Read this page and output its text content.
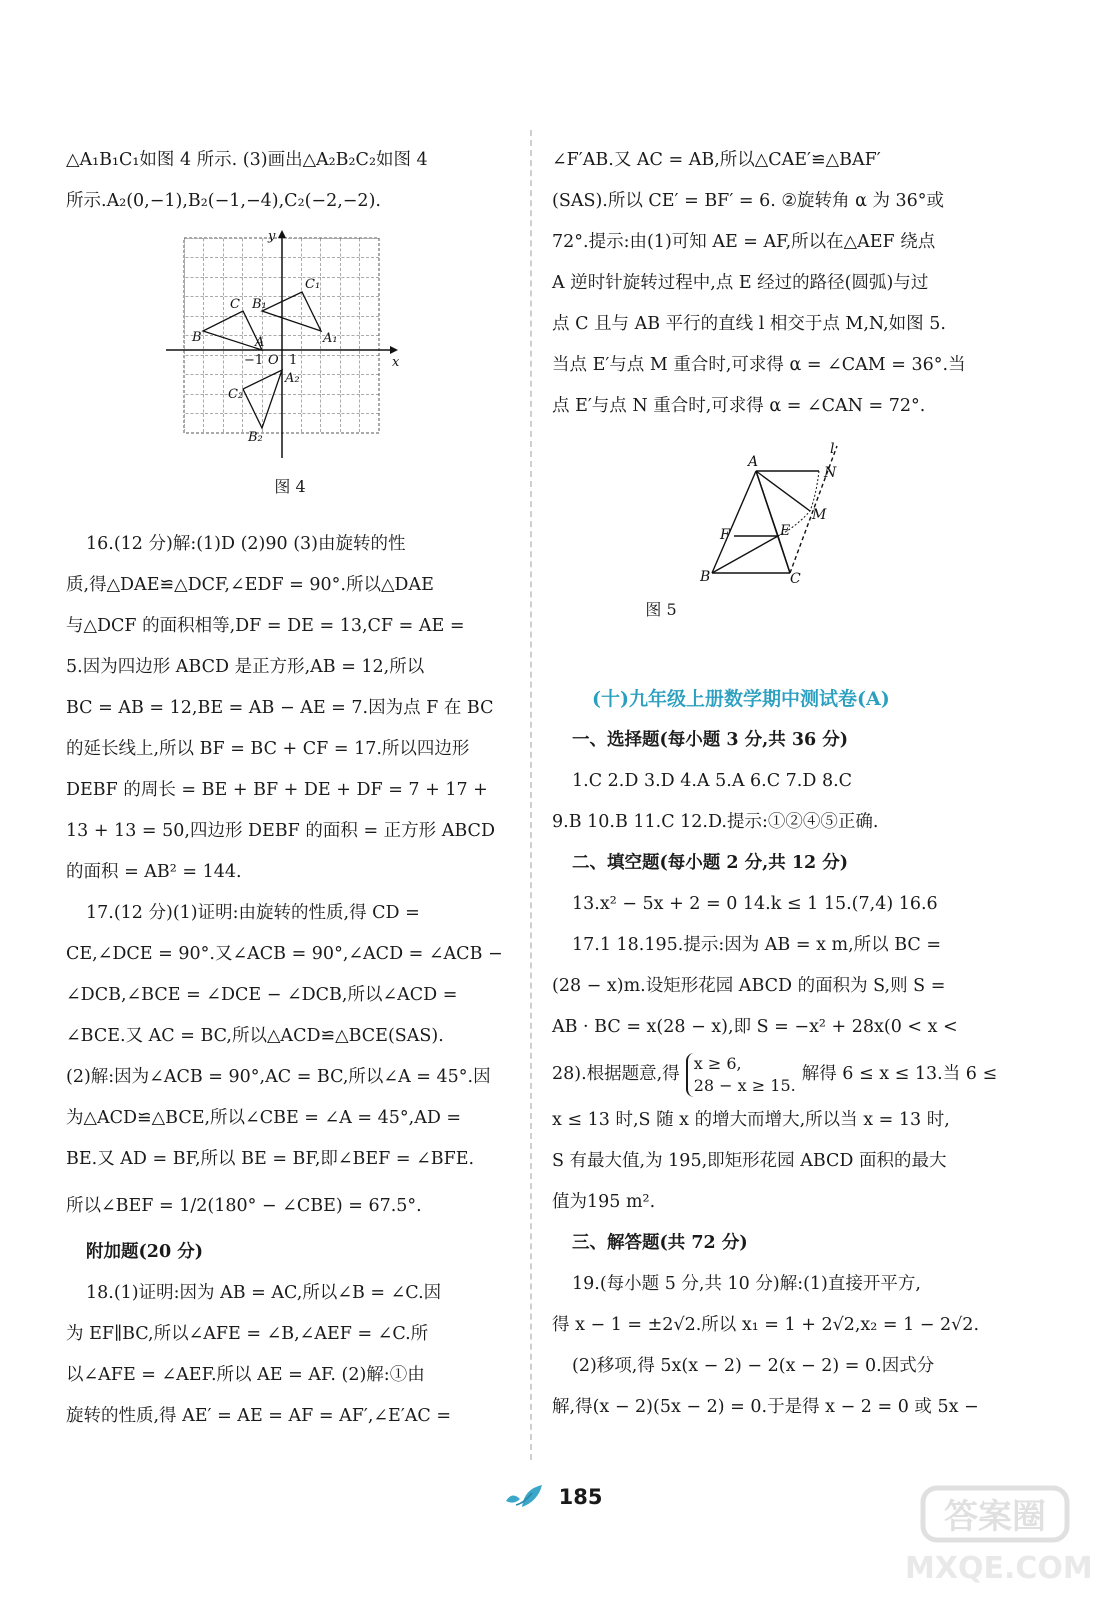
△A₁B₁C₁如图 4 所示. (3)画出△A₂B₂C₂如图 4

所示.A₂(0,−1),B₂(−1,−4),C₂(−2,−2).

x
y
O
−1 1
A
B
C
A₁
B₁
C₁
A₂
B₂
C₂
图 4

16.(12 分)解:(1)D (2)90 (3)由旋转的性

质,得△DAE≌△DCF,∠EDF = 90°.所以△DAE

与△DCF 的面积相等,DF = DE = 13,CF = AE =

5.因为四边形 ABCD 是正方形,AB = 12,所以

BC = AB = 12,BE = AB − AE = 7.因为点 F 在 BC

的延长线上,所以 BF = BC + CF = 17.所以四边形

DEBF 的周长 = BE + BF + DE + DF = 7 + 17 +

13 + 13 = 50,四边形 DEBF 的面积 = 正方形 ABCD

的面积 = AB² = 144.

17.(12 分)(1)证明:由旋转的性质,得 CD =

CE,∠DCE = 90°.又∠ACB = 90°,∠ACD = ∠ACB −

∠DCB,∠BCE = ∠DCE − ∠DCB,所以∠ACD =

∠BCE.又 AC = BC,所以△ACD≌△BCE(SAS).

(2)解:因为∠ACB = 90°,AC = BC,所以∠A = 45°.因

为△ACD≌△BCE,所以∠CBE = ∠A = 45°,AD =

BE.又 AD = BF,所以 BE = BF,即∠BEF = ∠BFE.

所以∠BEF = 1/2(180° − ∠CBE) = 67.5°.

附加题(20 分)

18.(1)证明:因为 AB = AC,所以∠B = ∠C.因

为 EF∥BC,所以∠AFE = ∠B,∠AEF = ∠C.所

以∠AFE = ∠AEF.所以 AE = AF. (2)解:①由

旋转的性质,得 AE′ = AE = AF = AF′,∠E′AC =

∠F′AB.又 AC = AB,所以△CAE′≌△BAF′

(SAS).所以 CE′ = BF′ = 6. ②旋转角 α 为 36°或

72°.提示:由(1)可知 AE = AF,所以在△AEF 绕点

A 逆时针旋转过程中,点 E 经过的路径(圆弧)与过

点 C 且与 AB 平行的直线 l 相交于点 M,N,如图 5.

当点 E′与点 M 重合时,可求得 α = ∠CAM = 36°.当

点 E′与点 N 重合时,可求得 α = ∠CAN = 72°.

A
B	C
E
F
M
N
l
图 5

(十)九年级上册数学期中测试卷(A)

一、选择题(每小题 3 分,共 36 分)

1.C 2.D 3.D 4.A 5.A 6.C 7.D 8.C

9.B 10.B 11.C 12.D.提示:①②④⑤正确.

二、填空题(每小题 2 分,共 12 分)

13.x² − 5x + 2 = 0 14.k ≤ 1 15.(7,4) 16.6

17.1 18.195.提示:因为 AB = x m,所以 BC =

(28 − x)m.设矩形花园 ABCD 的面积为 S,则 S =

AB · BC = x(28 − x),即 S = −x² + 28x(0 < x <

28).根据题意,得x ≥ 6,
28 − x ≥ 15.解得 6 ≤ x ≤ 13.当 6 ≤

x ≤ 13 时,S 随 x 的增大而增大,所以当 x = 13 时,

S 有最大值,为 195,即矩形花园 ABCD 面积的最大

值为195 m².

三、解答题(共 72 分)

19.(每小题 5 分,共 10 分)解:(1)直接开平方,

得 x − 1 = ±2√2.所以 x₁ = 1 + 2√2,x₂ = 1 − 2√2.

(2)移项,得 5x(x − 2) − 2(x − 2) = 0.因式分

解,得(x − 2)(5x − 2) = 0.于是得 x − 2 = 0 或 5x −

185	答案圈
MXQE.COM
